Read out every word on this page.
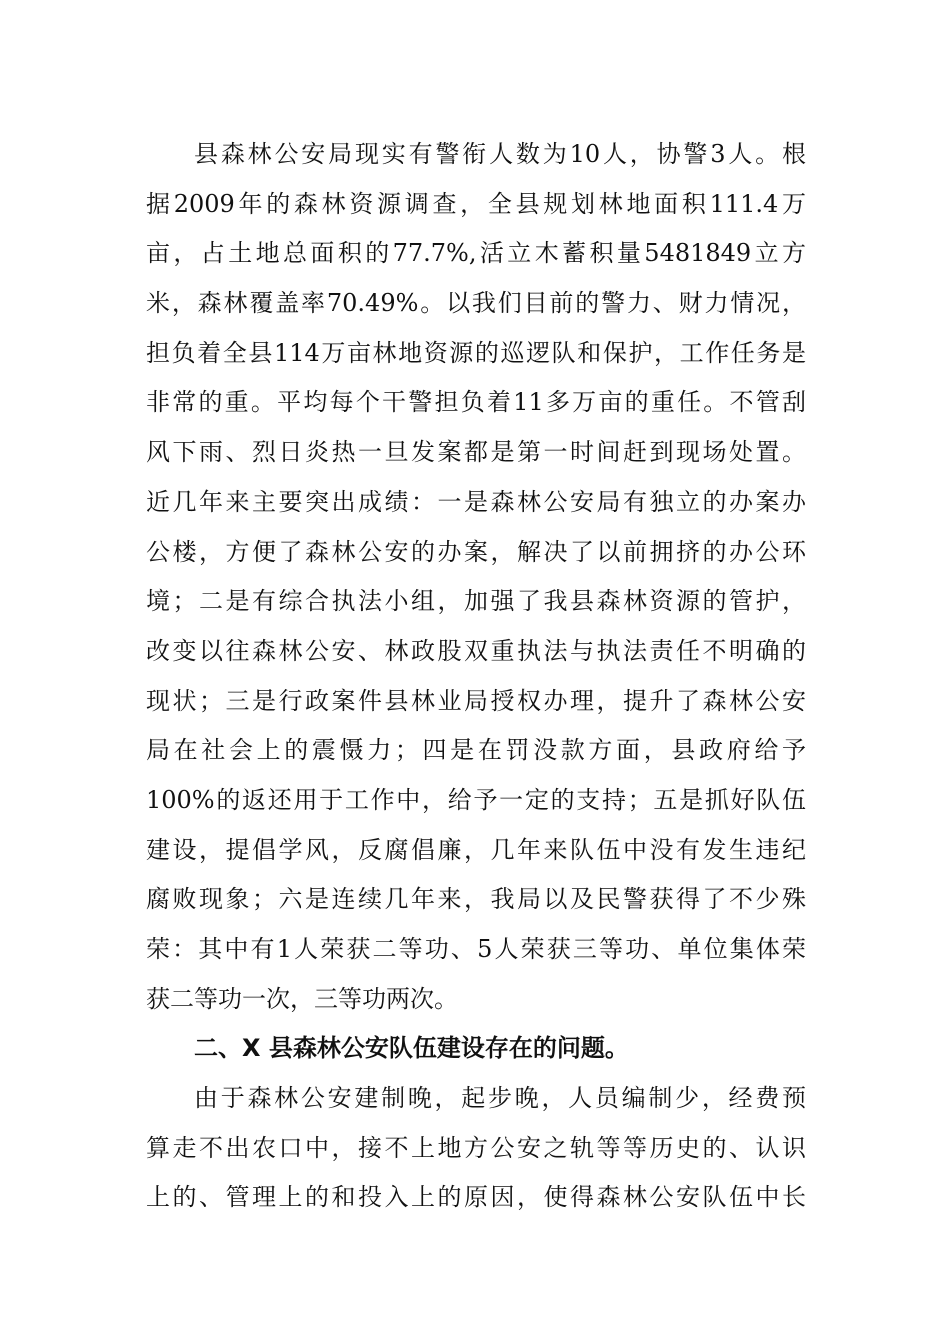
县森林公安局现实有警衔人数为10人，协警3人。根
据2009年的森林资源调查，全县规划林地面积111.4万
亩，占土地总面积的77.7%,活立木蓄积量5481849立方
米，森林覆盖率70.49%。以我们目前的警力、财力情况，
担负着全县114万亩林地资源的巡逻队和保护，工作任务是
非常的重。平均每个干警担负着11多万亩的重任。不管刮
风下雨、烈日炎热一旦发案都是第一时间赶到现场处置。
近几年来主要突出成绩：一是森林公安局有独立的办案办
公楼，方便了森林公安的办案，解决了以前拥挤的办公环
境；二是有综合执法小组，加强了我县森林资源的管护，
改变以往森林公安、林政股双重执法与执法责任不明确的
现状；三是行政案件县林业局授权办理，提升了森林公安
局在社会上的震慑力；四是在罚没款方面，县政府给予
100%的返还用于工作中，给予一定的支持；五是抓好队伍
建设，提倡学风，反腐倡廉，几年来队伍中没有发生违纪
腐败现象；六是连续几年来，我局以及民警获得了不少殊
荣：其中有1人荣获二等功、5人荣获三等功、单位集体荣
获二等功一次，三等功两次。
二、X 县森林公安队伍建设存在的问题。
由于森林公安建制晚，起步晚，人员编制少，经费预
算走不出农口中，接不上地方公安之轨等等历史的、认识
上的、管理上的和投入上的原因，使得森林公安队伍中长
